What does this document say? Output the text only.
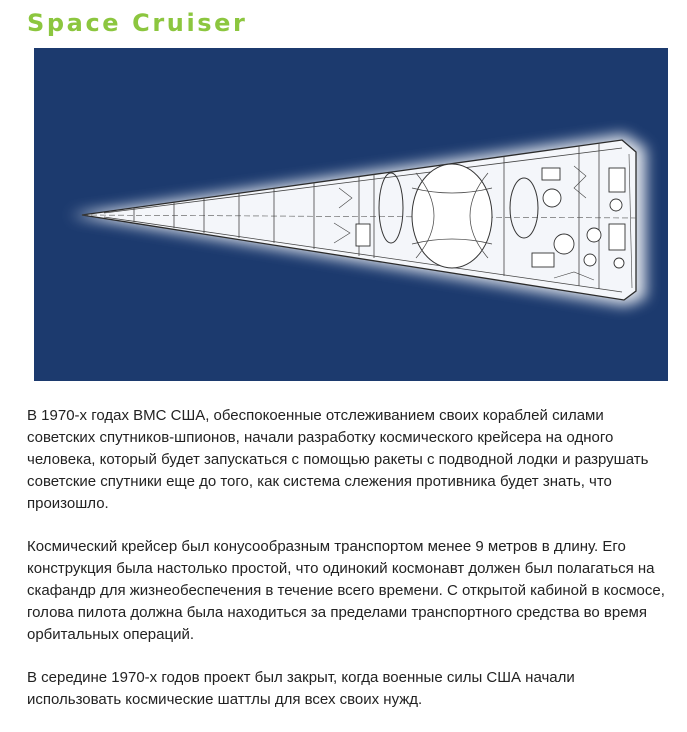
Space Cruiser

В 1970-х годах ВМС США, обеспокоенные отслеживанием своих кораблей силами
советских спутников-шпионов, начали разработку космического крейсера на одного
человека, который будет запускаться с помощью ракеты с подводной лодки и разрушать
советские спутники еще до того, как система слежения противника будет знать, что
произошло.

Космический крейсер был конусообразным транспортом менее 9 метров в длину. Его
конструкция была настолько простой, что одинокий космонавт должен был полагаться на
скафандр для жизнеобеспечения в течение всего времени. С открытой кабиной в космосе,
голова пилота должна была находиться за пределами транспортного средства во время
орбитальных операций.

В середине 1970-х годов проект был закрыт, когда военные силы США начали
использовать космические шаттлы для всех своих нужд.
